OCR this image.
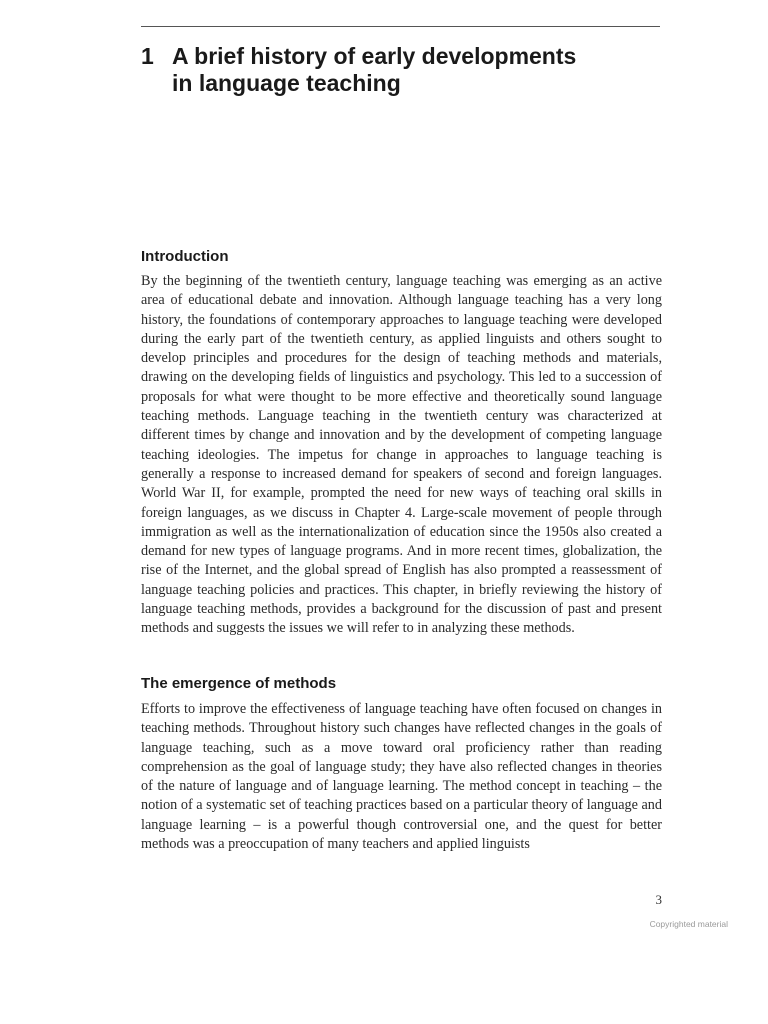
1 A brief history of early developments
in language teaching
Introduction

By the beginning of the twentieth century, language teaching was emerging as an active area of educational debate and innovation. Although language teaching has a very long history, the foundations of contemporary approaches to language teaching were developed during the early part of the twentieth century, as applied linguists and others sought to develop principles and procedures for the design of teaching methods and materials, drawing on the developing fields of linguistics and psychology. This led to a succession of proposals for what were thought to be more effective and theoretically sound language teaching methods. Language teaching in the twentieth century was characterized at different times by change and innovation and by the development of competing language teaching ideologies. The impetus for change in approaches to language teaching is generally a response to increased demand for speakers of second and foreign languages. World War II, for example, prompted the need for new ways of teaching oral skills in foreign languages, as we discuss in Chapter 4. Large-scale movement of people through immigration as well as the internationalization of education since the 1950s also created a demand for new types of language programs. And in more recent times, globalization, the rise of the Internet, and the global spread of English has also prompted a reassessment of language teaching policies and practices. This chapter, in briefly reviewing the history of language teaching methods, provides a background for the discussion of past and present methods and suggests the issues we will refer to in analyzing these methods.

The emergence of methods

Efforts to improve the effectiveness of language teaching have often focused on changes in teaching methods. Throughout history such changes have reflected changes in the goals of language teaching, such as a move toward oral proficiency rather than reading comprehension as the goal of language study; they have also reflected changes in theories of the nature of language and of language learning. The method concept in teaching – the notion of a systematic set of teaching practices based on a particular theory of language and language learning – is a powerful though controversial one, and the quest for better methods was a preoccupation of many teachers and applied linguists

3
Copyrighted material
